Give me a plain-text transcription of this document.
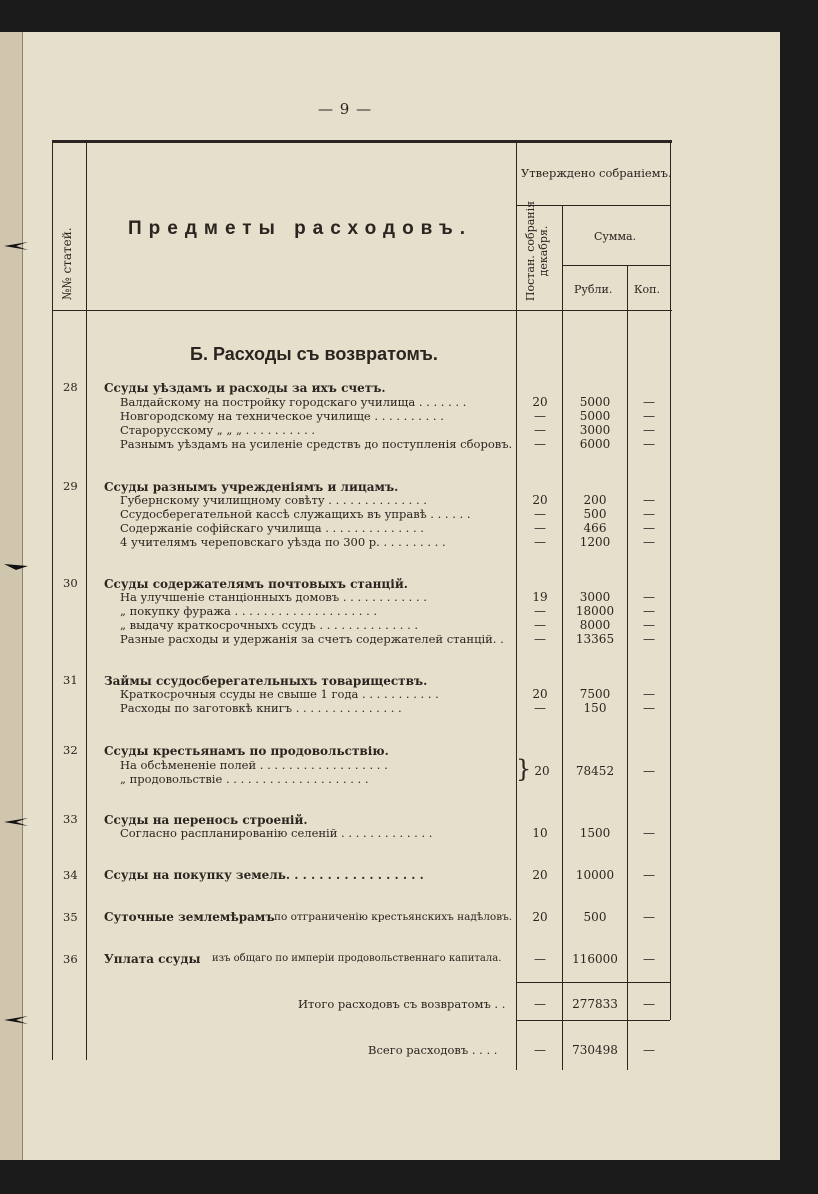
— 9 —
Предметы расходовъ.
№№ статей.
Утверждено собраніемъ.
Постан. собранія декабря.	Сумма.
Рубли. Коп.
Б. Расходы съ возвратомъ.
28 Ссуды уѣздамъ и расходы за ихъ счетъ.
Валдайскому на постройку городскаго училища . . . . . . .	20	5000	—
Новгородскому на техническое училище . . . . . . . . . .	—	5000	—
Старорусскому „ „ „ . . . . . . . . . .	—	3000	—
Разнымъ уѣздамъ на усиленіе средствъ до поступленія сборовъ.	—	6000	—
29 Ссуды разнымъ учрежденіямъ и лицамъ.
Губернскому училищному совѣту . . . . . . . . . . . . . .	20	200	—
Ссудосберегательной кассѣ служащихъ въ управѣ . . . . . .	—	500	—
Содержаніе софійскаго училища . . . . . . . . . . . . . .	—	466	—
4 учителямъ череповскаго уѣзда по 300 р. . . . . . . . . .	—	1200	—
30 Ссуды содержателямъ почтовыхъ станцій.
На улучшеніе станціонныхъ домовъ . . . . . . . . . . . .	19	3000	—
„ покупку фуража . . . . . . . . . . . . . . . . . . . .	—	18000	—
„ выдачу краткосрочныхъ ссудъ . . . . . . . . . . . . . .	—	8000	—
Разные расходы и удержанія за счетъ содержателей станцій. .	—	13365	—
31 Займы ссудосберегательныхъ товариществъ.
Краткосрочныя ссуды не свыше 1 года . . . . . . . . . . .	20	7500	—
Расходы по заготовкѣ книгъ . . . . . . . . . . . . . . .	—	150	—
32 Ссуды крестьянамъ по продовольствію.
На обсѣмененіе полей . . . . . . . . . . . . . . . . . .
„ продовольствіе . . . . . . . . . . . . . . . . . . . .	} 20	78452	—
33 Ссуды на перенось строеній.
Согласно распланированію селеній . . . . . . . . . . . . .	10	1500	—
34 Ссуды на покупку земель. . . . . . . . . . . . . . . . .	20	10000	—
35 Суточные землемѣрамъ по отграниченію крестьянскихъ надѣловъ.	20	500	—
36 Уплата ссуды изъ общаго по имперіи продовольственнаго капитала.	—	116000	—
Итого расходовъ съ возвратомъ . .	—	277833	—
Всего расходовъ . . . .	—	730498	—
